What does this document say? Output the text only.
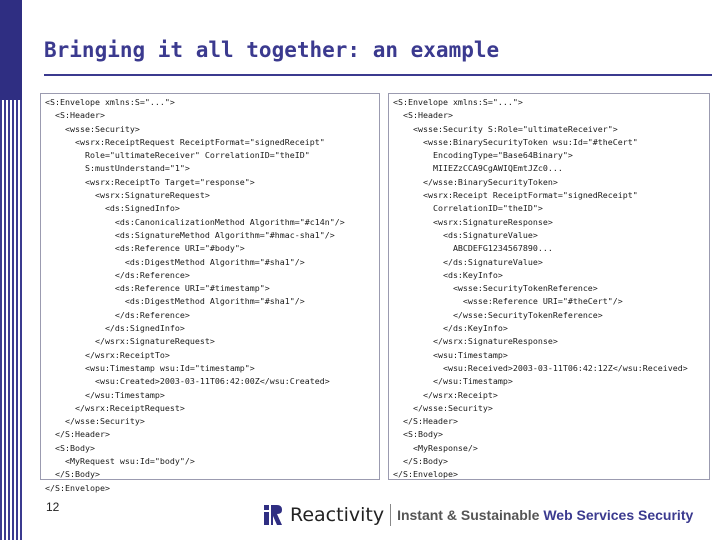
Bringing it all together: an example
<S:Envelope xmlns:S="...">
<S:Header>
<wsse:Security>
<wsrx:ReceiptRequest ReceiptFormat="signedReceipt"
Role="ultimateReceiver" CorrelationID="theID"
S:mustUnderstand="1">
<wsrx:ReceiptTo Target="response">
<wsrx:SignatureRequest>
<ds:SignedInfo>
<ds:CanonicalizationMethod Algorithm="#c14n"/>
<ds:SignatureMethod Algorithm="#hmac-sha1"/>
<ds:Reference URI="#body">
<ds:DigestMethod Algorithm="#sha1"/>
</ds:Reference>
<ds:Reference URI="#timestamp">
<ds:DigestMethod Algorithm="#sha1"/>
</ds:Reference>
</ds:SignedInfo>
</wsrx:SignatureRequest>
</wsrx:ReceiptTo>
<wsu:Timestamp wsu:Id="timestamp">
<wsu:Created>2003-03-11T06:42:00Z</wsu:Created>
</wsu:Timestamp>
</wsrx:ReceiptRequest>
</wsse:Security>
</S:Header>
<S:Body>
<MyRequest wsu:Id="body"/>
</S:Body>
</S:Envelope>
<S:Envelope xmlns:S="...">
<S:Header>
<wsse:Security S:Role="ultimateReceiver">
<wsse:BinarySecurityToken wsu:Id="#theCert"
EncodingType="Base64Binary">
MIIEZzCCA9CgAWIQEmtJZc0...
</wsse:BinarySecurityToken>
<wsrx:Receipt ReceiptFormat="signedReceipt"
CorrelationID="theID">
<wsrx:SignatureResponse>
<ds:SignatureValue>
ABCDEFG1234567890...
</ds:SignatureValue>
<ds:KeyInfo>
<wsse:SecurityTokenReference>
<wsse:Reference URI="#theCert"/>
</wsse:SecurityTokenReference>
</ds:KeyInfo>
</wsrx:SignatureResponse>
<wsu:Timestamp>
<wsu:Received>2003-03-11T06:42:12Z</wsu:Received>
</wsu:Timestamp>
</wsrx:Receipt>
</wsse:Security>
</S:Header>
<S:Body>
<MyResponse/>
</S:Body>
</S:Envelope>
12	Reactivity Instant & Sustainable Web Services Security
